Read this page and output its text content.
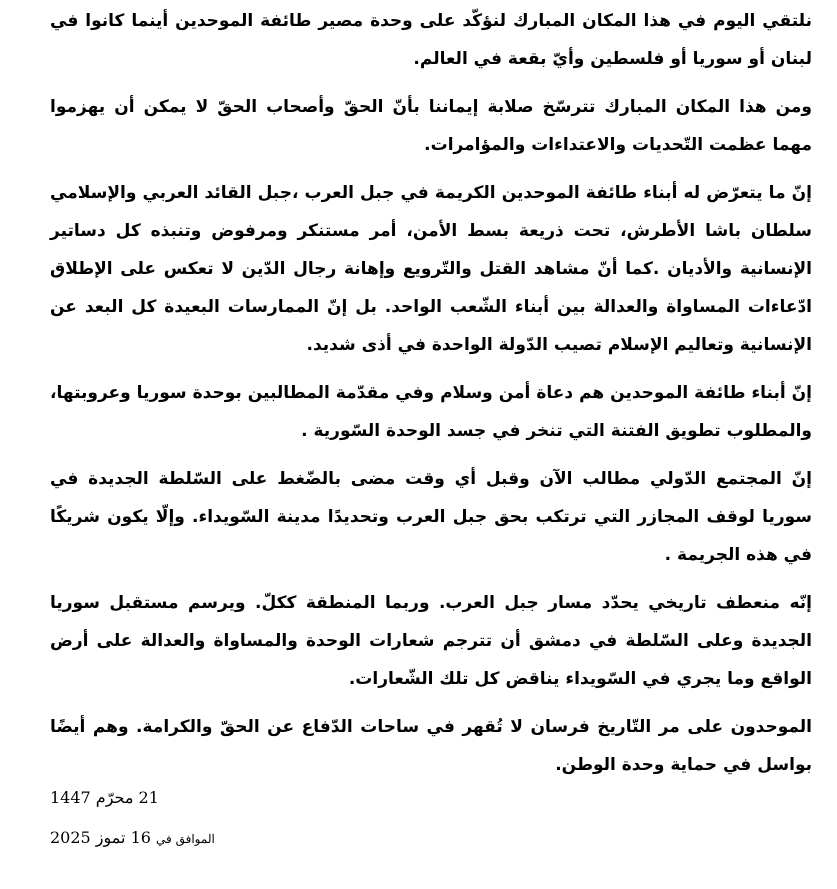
نلتقي اليوم في هذا المكان المبارك لنؤكّد على وحدة مصير طائفة الموحدين أينما كانوا في لبنان أو سوريا أو فلسطين وأيّ بقعة في العالم.

ومن هذا المكان المبارك تترسّخ صلابة إيماننا بأنّ الحقّ وأصحاب الحقّ لا يمكن أن يهزموا مهما عظمت التّحديات والاعتداءات والمؤامرات.

إنّ ما يتعرّض له أبناء طائفة الموحدين الكريمة في جبل العرب ،جبل القائد العربي والإسلامي سلطان باشا الأطرش، تحت ذريعة بسط الأمن، أمر مستنكر ومرفوض وتنبذه كل دساتير الإنسانية والأديان .كما أنّ مشاهد القتل والتّرويع وإهانة رجال الدّين لا تعكس على الإطلاق ادّعاءات المساواة والعدالة بين أبناء الشّعب الواحد. بل إنّ الممارسات البعيدة كل البعد عن الإنسانية وتعاليم الإسلام تصيب الدّولة الواحدة في أذى شديد.

إنّ أبناء طائفة الموحدين هم دعاة أمن وسلام وفي مقدّمة المطالبين بوحدة سوريا وعروبتها، والمطلوب تطويق الفتنة التي تنخر في جسد الوحدة السّورية .

إنّ المجتمع الدّولي مطالب الآن وقبل أي وقت مضى بالضّغط على السّلطة الجديدة في سوريا لوقف المجازر التي ترتكب بحق جبل العرب وتحديدًا مدينة السّويداء. وإلّا يكون شريكًا في هذه الجريمة .

إنّه منعطف تاريخي يحدّد مسار جبل العرب. وربما المنطقة ككلّ. ويرسم مستقبل سوريا الجديدة وعلى السّلطة في دمشق أن تترجم شعارات الوحدة والمساواة والعدالة على أرض الواقع وما يجري في السّويداء يناقض كل تلك الشّعارات.

الموحدون على مر التّاريخ فرسان لا تُقهر في ساحات الدّفاع عن الحقّ والكرامة. وهم أيضًا بواسل في حماية وحدة الوطن.

21 محرّم 1447
الموافق في 16 تموز 2025
